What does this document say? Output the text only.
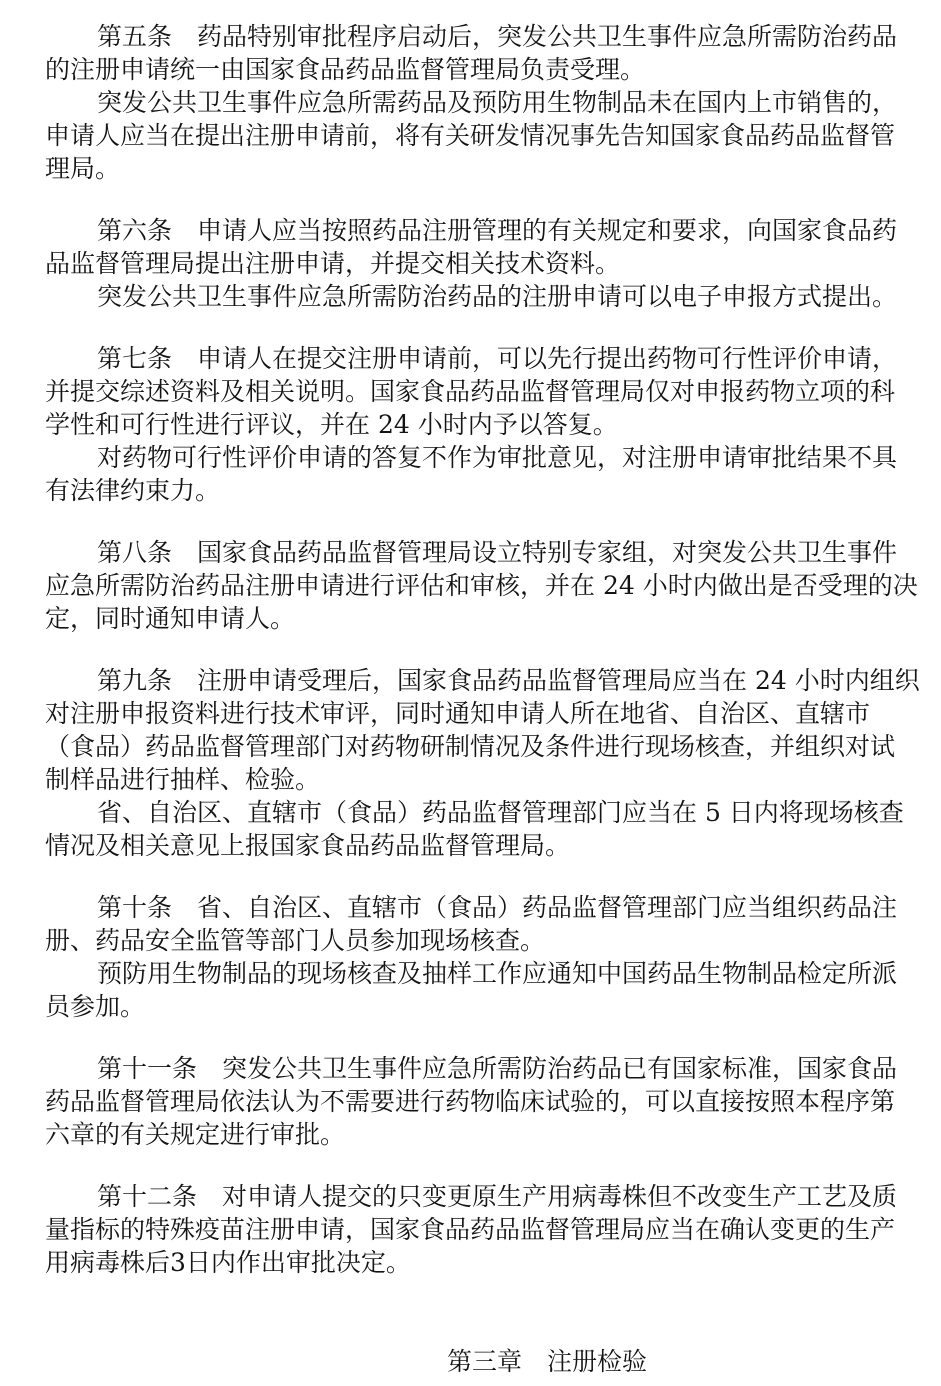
第五条　药品特别审批程序启动后，突发公共卫生事件应急所需防治药品
的注册申请统一由国家食品药品监督管理局负责受理。
突发公共卫生事件应急所需药品及预防用生物制品未在国内上市销售的，
申请人应当在提出注册申请前，将有关研发情况事先告知国家食品药品监督管
理局。
第六条　申请人应当按照药品注册管理的有关规定和要求，向国家食品药
品监督管理局提出注册申请，并提交相关技术资料。
突发公共卫生事件应急所需防治药品的注册申请可以电子申报方式提出。
第七条　申请人在提交注册申请前，可以先行提出药物可行性评价申请，
并提交综述资料及相关说明。国家食品药品监督管理局仅对申报药物立项的科
学性和可行性进行评议，并在 24 小时内予以答复。
对药物可行性评价申请的答复不作为审批意见，对注册申请审批结果不具
有法律约束力。
第八条　国家食品药品监督管理局设立特别专家组，对突发公共卫生事件
应急所需防治药品注册申请进行评估和审核，并在 24 小时内做出是否受理的决
定，同时通知申请人。
第九条　注册申请受理后，国家食品药品监督管理局应当在 24 小时内组织
对注册申报资料进行技术审评，同时通知申请人所在地省、自治区、直辖市
（食品）药品监督管理部门对药物研制情况及条件进行现场核查，并组织对试
制样品进行抽样、检验。
省、自治区、直辖市（食品）药品监督管理部门应当在 5 日内将现场核查
情况及相关意见上报国家食品药品监督管理局。
第十条　省、自治区、直辖市（食品）药品监督管理部门应当组织药品注
册、药品安全监管等部门人员参加现场核查。
预防用生物制品的现场核查及抽样工作应通知中国药品生物制品检定所派
员参加。
第十一条　突发公共卫生事件应急所需防治药品已有国家标准，国家食品
药品监督管理局依法认为不需要进行药物临床试验的，可以直接按照本程序第
六章的有关规定进行审批。
第十二条　对申请人提交的只变更原生产用病毒株但不改变生产工艺及质
量指标的特殊疫苗注册申请，国家食品药品监督管理局应当在确认变更的生产
用病毒株后3日内作出审批决定。
第三章　注册检验
